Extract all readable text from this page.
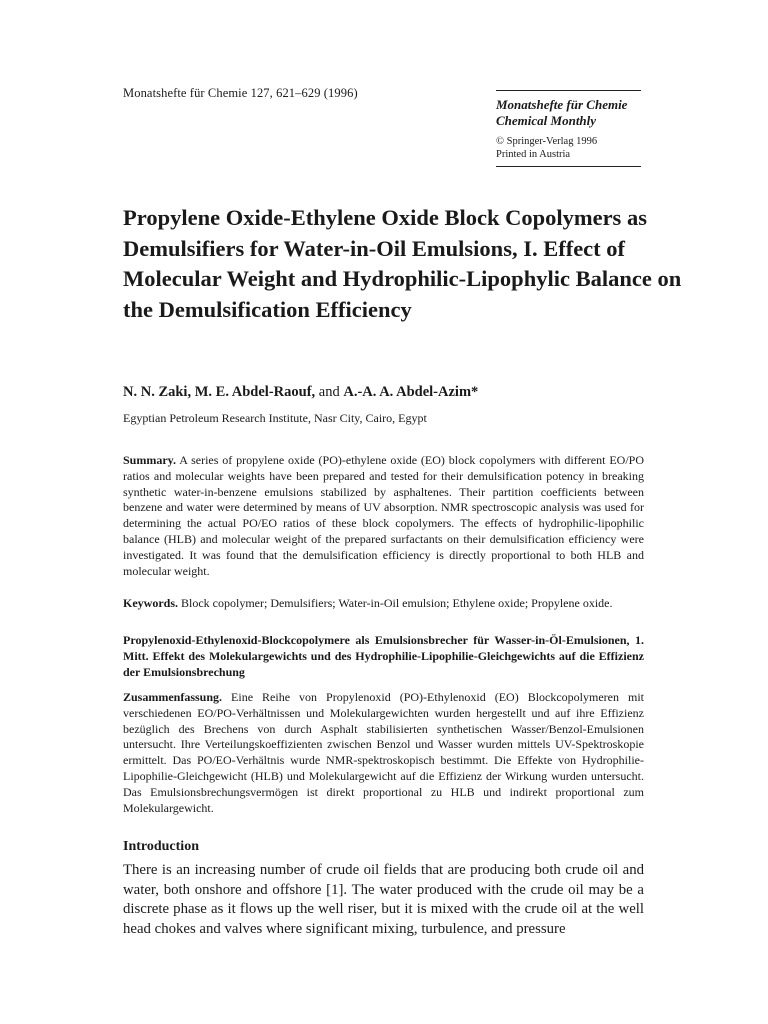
Monatshefte für Chemie 127, 621–629 (1996)
Monatshefte für Chemie
Chemical Monthly
© Springer-Verlag 1996
Printed in Austria
Propylene Oxide-Ethylene Oxide Block Copolymers as Demulsifiers for Water-in-Oil Emulsions, I. Effect of Molecular Weight and Hydrophilic-Lipophylic Balance on the Demulsification Efficiency
N. N. Zaki, M. E. Abdel-Raouf, and A.-A. A. Abdel-Azim*
Egyptian Petroleum Research Institute, Nasr City, Cairo, Egypt

Summary. A series of propylene oxide (PO)-ethylene oxide (EO) block copolymers with different EO/PO ratios and molecular weights have been prepared and tested for their demulsification potency in breaking synthetic water-in-benzene emulsions stabilized by asphaltenes. Their partition coefficients between benzene and water were determined by means of UV absorption. NMR spectroscopic analysis was used for determining the actual PO/EO ratios of these block copolymers. The effects of hydrophilic-lipophilic balance (HLB) and molecular weight of the prepared surfactants on their demulsification efficiency were investigated. It was found that the demulsification efficiency is directly proportional to both HLB and molecular weight.

Keywords. Block copolymer; Demulsifiers; Water-in-Oil emulsion; Ethylene oxide; Propylene oxide.

Propylenoxid-Ethylenoxid-Blockcopolymere als Emulsionsbrecher für Wasser-in-Öl-Emulsionen, 1. Mitt. Effekt des Molekulargewichts und des Hydrophilie-Lipophilie-Gleichgewichts auf die Effizienz der Emulsionsbrechung

Zusammenfassung. Eine Reihe von Propylenoxid (PO)-Ethylenoxid (EO) Blockcopolymeren mit verschiedenen EO/PO-Verhältnissen und Molekulargewichten wurden hergestellt und auf ihre Effizienz bezüglich des Brechens von durch Asphalt stabilisierten synthetischen Wasser/Benzol-Emulsionen untersucht. Ihre Verteilungskoeffizienten zwischen Benzol und Wasser wurden mittels UV-Spektroskopie ermittelt. Das PO/EO-Verhältnis wurde NMR-spektroskopisch bestimmt. Die Effekte von Hydrophilie-Lipophilie-Gleichgewicht (HLB) und Molekulargewicht auf die Effizienz der Wirkung wurden untersucht. Das Emulsionsbrechungsvermögen ist direkt proportional zu HLB und indirekt proportional zum Molekulargewicht.

Introduction

There is an increasing number of crude oil fields that are producing both crude oil and water, both onshore and offshore [1]. The water produced with the crude oil may be a discrete phase as it flows up the well riser, but it is mixed with the crude oil at the well head chokes and valves where significant mixing, turbulence, and pressure
